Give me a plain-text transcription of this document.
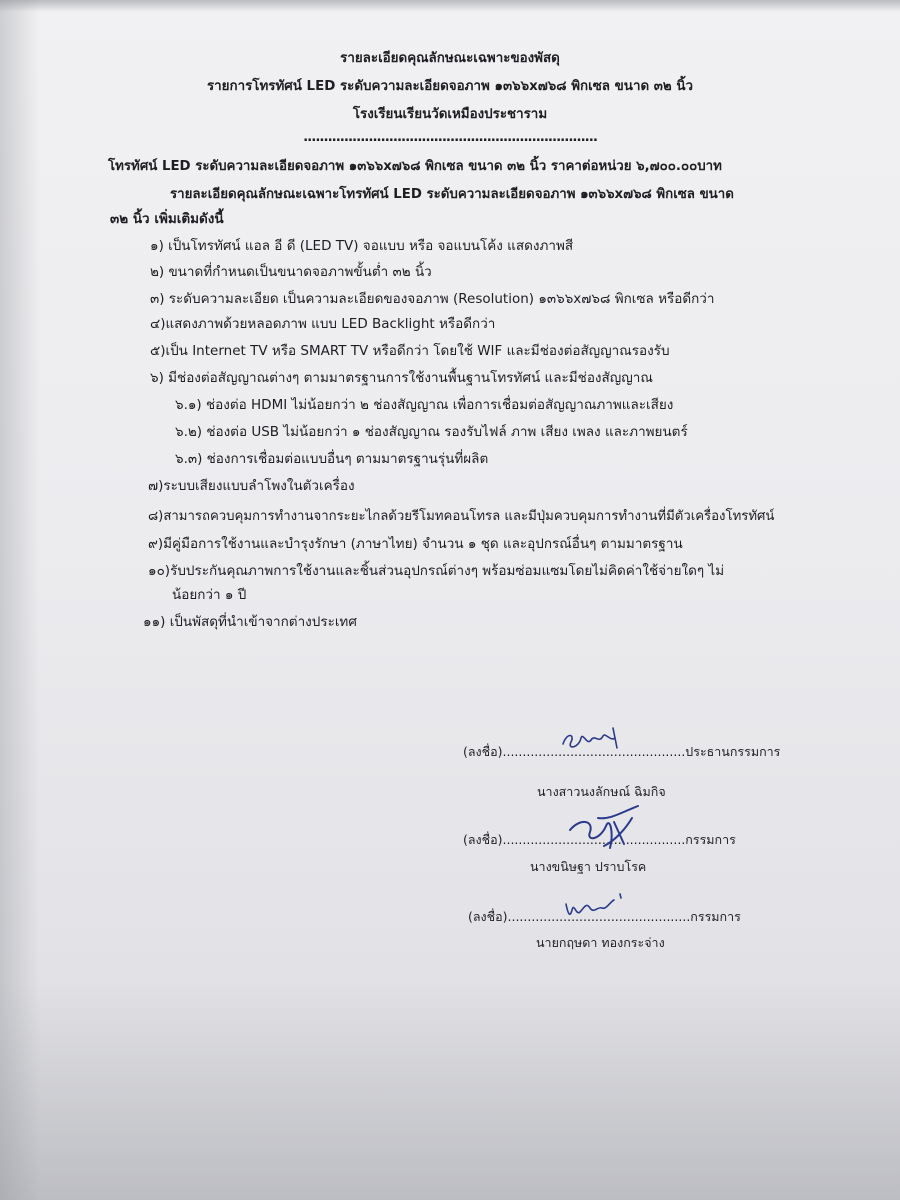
รายละเอียดคุณลักษณะเฉพาะของพัสดุ
รายการโทรทัศน์ LED ระดับความละเอียดจอภาพ ๑๓๖๖x๗๖๘ พิกเซล ขนาด ๓๒ นิ้ว
โรงเรียนเรียนวัดเหมืองประชาราม
........................................................................
โทรทัศน์ LED ระดับความละเอียดจอภาพ ๑๓๖๖x๗๖๘ พิกเซล ขนาด ๓๒ นิ้ว ราคาต่อหน่วย ๖,๗๐๐.๐๐บาท
รายละเอียดคุณลักษณะเฉพาะโทรทัศน์ LED ระดับความละเอียดจอภาพ ๑๓๖๖x๗๖๘ พิกเซล ขนาด
๓๒ นิ้ว เพิ่มเติมดังนี้
๑) เป็นโทรทัศน์ แอล อี ดี (LED TV) จอแบบ หรือ จอแบนโค้ง แสดงภาพสี
๒) ขนาดที่กำหนดเป็นขนาดจอภาพขั้นต่ำ ๓๒ นิ้ว
๓) ระดับความละเอียด เป็นความละเอียดของจอภาพ (Resolution) ๑๓๖๖x๗๖๘ พิกเซล หรือดีกว่า
๔)แสดงภาพด้วยหลอดภาพ แบบ LED Backlight หรือดีกว่า
๕)เป็น Internet TV หรือ SMART TV หรือดีกว่า โดยใช้ WIF และมีช่องต่อสัญญาณรองรับ
๖) มีช่องต่อสัญญาณต่างๆ ตามมาตรฐานการใช้งานพื้นฐานโทรทัศน์ และมีช่องสัญญาณ
๖.๑) ช่องต่อ HDMI ไม่น้อยกว่า ๒ ช่องสัญญาณ เพื่อการเชื่อมต่อสัญญาณภาพและเสียง
๖.๒) ช่องต่อ USB ไม่น้อยกว่า ๑ ช่องสัญญาณ รองรับไฟล์ ภาพ เสียง เพลง และภาพยนตร์
๖.๓) ช่องการเชื่อมต่อแบบอื่นๆ ตามมาตรฐานรุ่นที่ผลิต
๗)ระบบเสียงแบบลำโพงในตัวเครื่อง
๘)สามารถควบคุมการทำงานจากระยะไกลด้วยรีโมทคอนโทรล และมีปุ่มควบคุมการทำงานที่มีตัวเครื่องโทรทัศน์
๙)มีคู่มือการใช้งานและบำรุงรักษา (ภาษาไทย) จำนวน ๑ ชุด และอุปกรณ์อื่นๆ ตามมาตรฐาน
๑๐)รับประกันคุณภาพการใช้งานและชิ้นส่วนอุปกรณ์ต่างๆ พร้อมซ่อมแซมโดยไม่คิดค่าใช้จ่ายใดๆ ไม่
น้อยกว่า ๑ ปี
๑๑) เป็นพัสดุที่นำเข้าจากต่างประเทศ
(ลงชื่อ)..............................................ประธานกรรมการ
นางสาวนงลักษณ์ ฉิมกิจ
(ลงชื่อ)..............................................กรรมการ
นางขนิษฐา ปราบโรค
(ลงชื่อ)..............................................กรรมการ
นายกฤษดา ทองกระจ่าง
